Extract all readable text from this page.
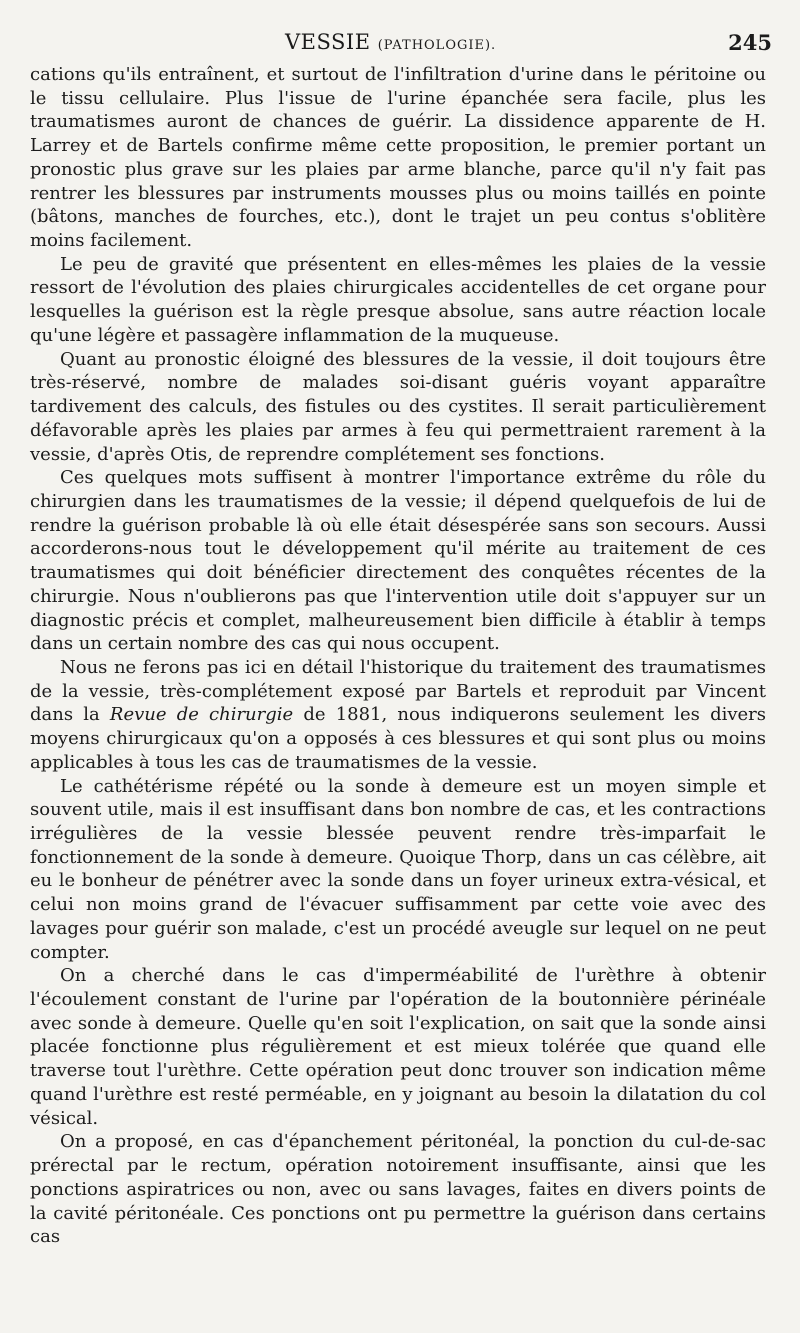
VESSIE (PATHOLOGIE).	245

cations qu'ils entraînent, et surtout de l'infiltration d'urine dans le péritoine ou le tissu cellulaire. Plus l'issue de l'urine épanchée sera facile, plus les traumatismes auront de chances de guérir. La dissidence apparente de H. Larrey et de Bartels confirme même cette proposition, le premier portant un pronostic plus grave sur les plaies par arme blanche, parce qu'il n'y fait pas rentrer les blessures par instruments mousses plus ou moins taillés en pointe (bâtons, manches de fourches, etc.), dont le trajet un peu contus s'oblitère moins facilement.

Le peu de gravité que présentent en elles-mêmes les plaies de la vessie ressort de l'évolution des plaies chirurgicales accidentelles de cet organe pour lesquelles la guérison est la règle presque absolue, sans autre réaction locale qu'une légère et passagère inflammation de la muqueuse.

Quant au pronostic éloigné des blessures de la vessie, il doit toujours être très-réservé, nombre de malades soi-disant guéris voyant apparaître tardivement des calculs, des fistules ou des cystites. Il serait particulièrement défavorable après les plaies par armes à feu qui permettraient rarement à la vessie, d'après Otis, de reprendre complétement ses fonctions.

Ces quelques mots suffisent à montrer l'importance extrême du rôle du chirurgien dans les traumatismes de la vessie; il dépend quelquefois de lui de rendre la guérison probable là où elle était désespérée sans son secours. Aussi accorderons-nous tout le développement qu'il mérite au traitement de ces traumatismes qui doit bénéficier directement des conquêtes récentes de la chirurgie. Nous n'oublierons pas que l'intervention utile doit s'appuyer sur un diagnostic précis et complet, malheureusement bien difficile à établir à temps dans un certain nombre des cas qui nous occupent.

Nous ne ferons pas ici en détail l'historique du traitement des traumatismes de la vessie, très-complétement exposé par Bartels et reproduit par Vincent dans la Revue de chirurgie de 1881, nous indiquerons seulement les divers moyens chirurgicaux qu'on a opposés à ces blessures et qui sont plus ou moins applicables à tous les cas de traumatismes de la vessie.

Le cathétérisme répété ou la sonde à demeure est un moyen simple et souvent utile, mais il est insuffisant dans bon nombre de cas, et les contractions irrégulières de la vessie blessée peuvent rendre très-imparfait le fonctionnement de la sonde à demeure. Quoique Thorp, dans un cas célèbre, ait eu le bonheur de pénétrer avec la sonde dans un foyer urineux extra-vésical, et celui non moins grand de l'évacuer suffisamment par cette voie avec des lavages pour guérir son malade, c'est un procédé aveugle sur lequel on ne peut compter.

On a cherché dans le cas d'imperméabilité de l'urèthre à obtenir l'écoulement constant de l'urine par l'opération de la boutonnière périnéale avec sonde à demeure. Quelle qu'en soit l'explication, on sait que la sonde ainsi placée fonctionne plus régulièrement et est mieux tolérée que quand elle traverse tout l'urèthre. Cette opération peut donc trouver son indication même quand l'urèthre est resté perméable, en y joignant au besoin la dilatation du col vésical.

On a proposé, en cas d'épanchement péritonéal, la ponction du cul-de-sac prérectal par le rectum, opération notoirement insuffisante, ainsi que les ponctions aspiratrices ou non, avec ou sans lavages, faites en divers points de la cavité péritonéale. Ces ponctions ont pu permettre la guérison dans certains cas
